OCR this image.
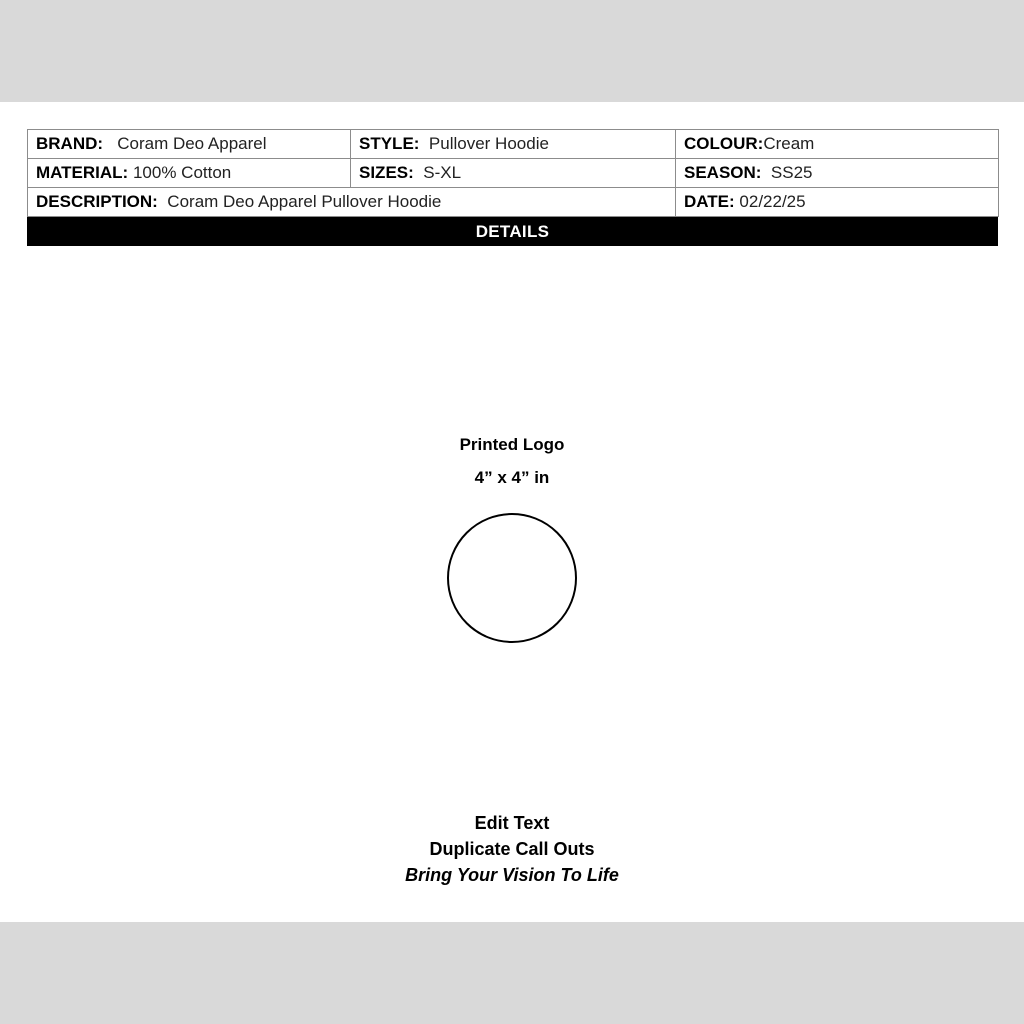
BRAND: Coram Deo Apparel	STYLE: Pullover Hoodie	COLOUR:Cream
MATERIAL: 100% Cotton	SIZES: S-XL	SEASON: SS25
DESCRIPTION: Coram Deo Apparel Pullover Hoodie		DATE: 02/22/25
DETAILS
Printed Logo
4” x 4” in
Edit Text
Duplicate Call Outs
Bring Your Vision To Life
